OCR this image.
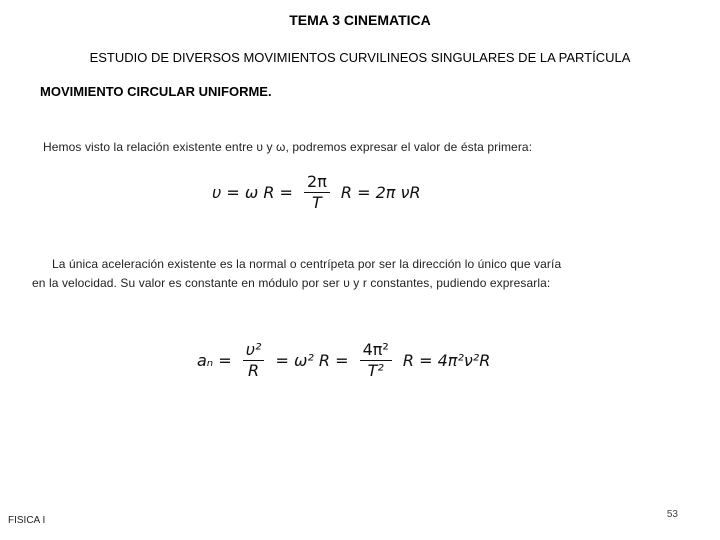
TEMA 3 CINEMATICA
ESTUDIO DE DIVERSOS MOVIMIENTOS CURVILINEOS SINGULARES DE LA PARTÍCULA
MOVIMIENTO CIRCULAR UNIFORME.
Hemos visto la relación existente entre υ y ω, podremos expresar el valor de ésta primera:
υ = ω $R = \frac{2\pi}{T}$ R = 2π νR
La única aceleración existente es la normal o centrípeta por ser la dirección lo único que varía
en la velocidad. Su valor es constante en módulo por ser υ y r constantes, pudiendo expresarla:
$a_n = \frac{\text{υ²}}{R} = \omega^2$ $R = \frac{\text{4π²}}{\text{T²}}$ R = 4π²ν²R
FISICA I
53
